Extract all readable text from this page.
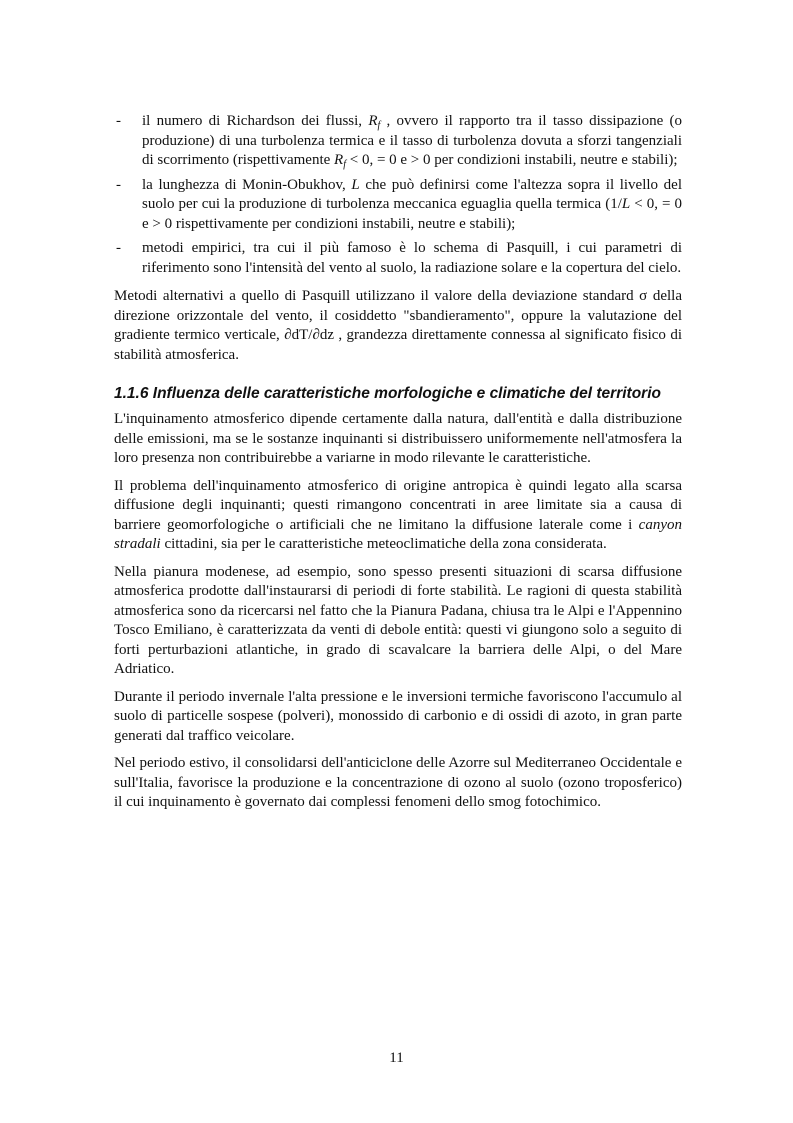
- il numero di Richardson dei flussi, $R_f$ , ovvero il rapporto tra il tasso dissipazione (o produzione) di una turbolenza termica e il tasso di turbolenza dovuta a sforzi tangenziali di scorrimento (rispettivamente $R_f < 0$, = 0 e > 0 per condizioni instabili, neutre e stabili);
- la lunghezza di Monin-Obukhov, L che può definirsi come l'altezza sopra il livello del suolo per cui la produzione di turbolenza meccanica eguaglia quella termica (1/L < 0, = 0 e > 0 rispettivamente per condizioni instabili, neutre e stabili);
- metodi empirici, tra cui il più famoso è lo schema di Pasquill, i cui parametri di riferimento sono l'intensità del vento al suolo, la radiazione solare e la copertura del cielo.

Metodi alternativi a quello di Pasquill utilizzano il valore della deviazione standard σ della direzione orizzontale del vento, il cosiddetto "sbandieramento", oppure la valutazione del gradiente termico verticale, ∂dT/∂dz , grandezza direttamente connessa al significato fisico di stabilità atmosferica.

1.1.6 Influenza delle caratteristiche morfologiche e climatiche del territorio

L'inquinamento atmosferico dipende certamente dalla natura, dall'entità e dalla distribuzione delle emissioni, ma se le sostanze inquinanti si distribuissero uniformemente nell'atmosfera la loro presenza non contribuirebbe a variarne in modo rilevante le caratteristiche.

Il problema dell'inquinamento atmosferico di origine antropica è quindi legato alla scarsa diffusione degli inquinanti; questi rimangono concentrati in aree limitate sia a causa di barriere geomorfologiche o artificiali che ne limitano la diffusione laterale come i canyon stradali cittadini, sia per le caratteristiche meteoclimatiche della zona considerata.

Nella pianura modenese, ad esempio, sono spesso presenti situazioni di scarsa diffusione atmosferica prodotte dall'instaurarsi di periodi di forte stabilità. Le ragioni di questa stabilità atmosferica sono da ricercarsi nel fatto che la Pianura Padana, chiusa tra le Alpi e l'Appennino Tosco Emiliano, è caratterizzata da venti di debole entità: questi vi giungono solo a seguito di forti perturbazioni atlantiche, in grado di scavalcare la barriera delle Alpi, o del Mare Adriatico.

Durante il periodo invernale l'alta pressione e le inversioni termiche favoriscono l'accumulo al suolo di particelle sospese (polveri), monossido di carbonio e di ossidi di azoto, in gran parte generati dal traffico veicolare.

Nel periodo estivo, il consolidarsi dell'anticiclone delle Azorre sul Mediterraneo Occidentale e sull'Italia, favorisce la produzione e la concentrazione di ozono al suolo (ozono troposferico) il cui inquinamento è governato dai complessi fenomeni dello smog fotochimico.

11
